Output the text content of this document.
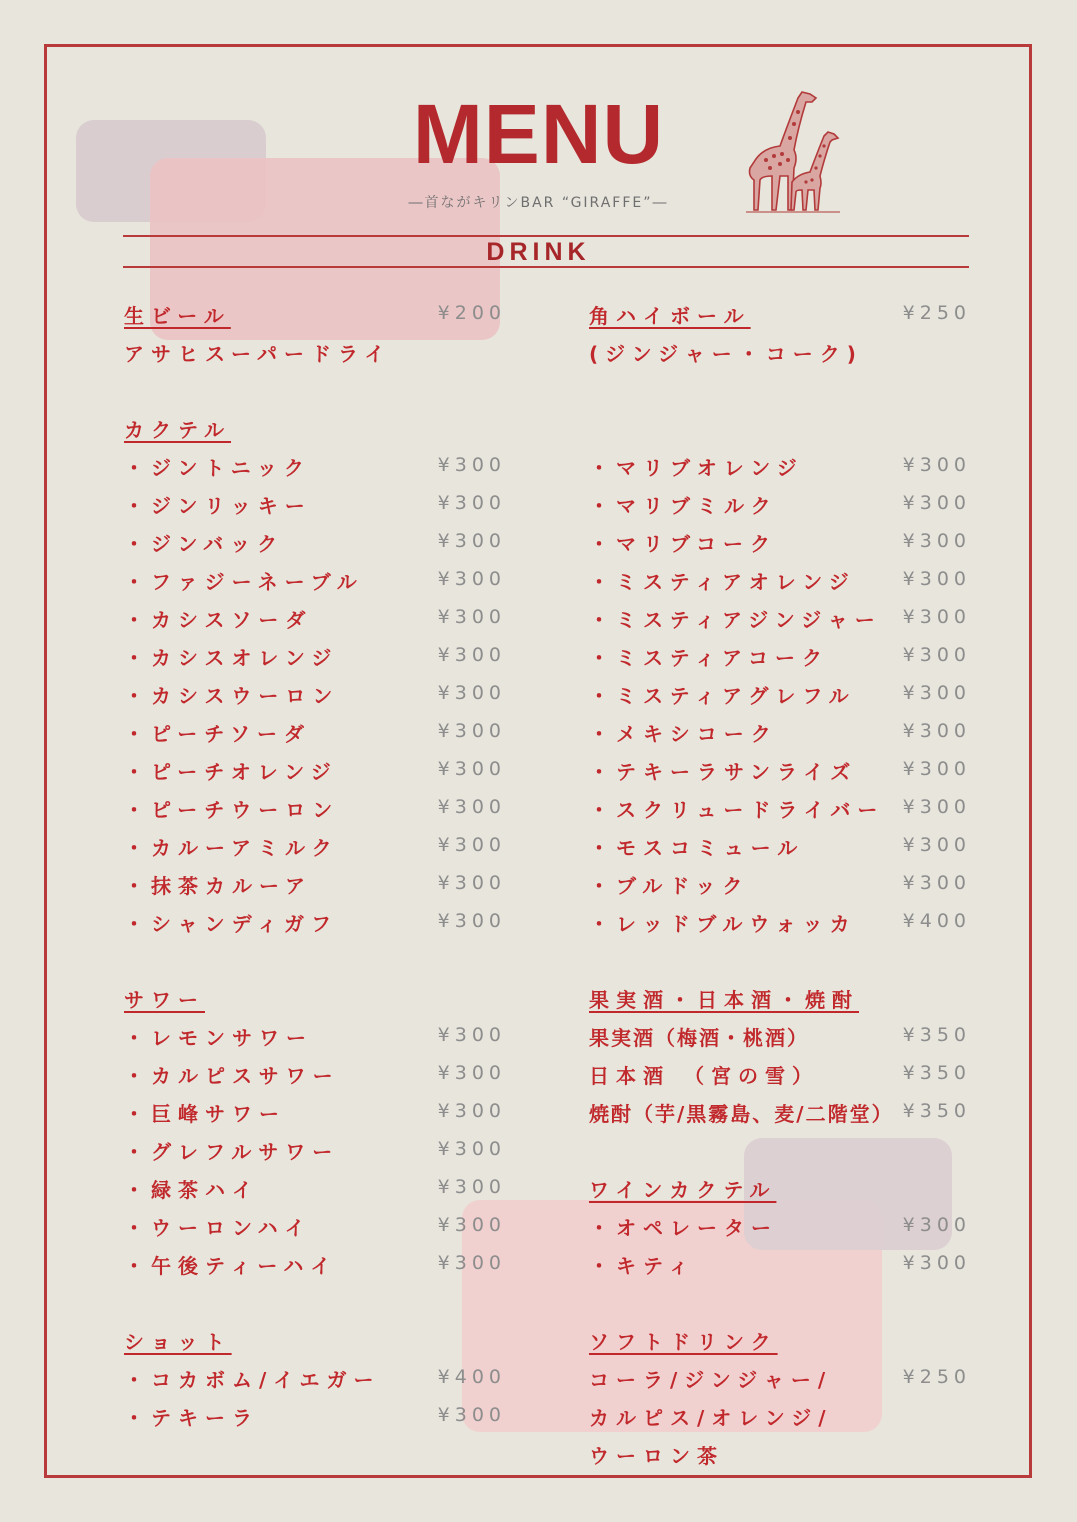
MENU
―首ながキリンBAR “GIRAFFE”―
DRINK
生ビール	¥200
アサヒスーパードライ
カクテル
・ジントニック	¥300
・ジンリッキー	¥300
・ジンバック	¥300
・ファジーネーブル	¥300
・カシスソーダ	¥300
・カシスオレンジ	¥300
・カシスウーロン	¥300
・ピーチソーダ	¥300
・ピーチオレンジ	¥300
・ピーチウーロン	¥300
・カルーアミルク	¥300
・抹茶カルーア	¥300
・シャンディガフ	¥300
サワー
・レモンサワー	¥300
・カルピスサワー	¥300
・巨峰サワー	¥300
・グレフルサワー	¥300
・緑茶ハイ	¥300
・ウーロンハイ	¥300
・午後ティーハイ	¥300
ショット
・コカボム/イエガー	¥400
・テキーラ	¥300
角ハイボール	¥250
(ジンジャー・コーク)
・マリブオレンジ	¥300
・マリブミルク	¥300
・マリブコーク	¥300
・ミスティアオレンジ ¥300
・ミスティアジンジャー ¥300
・ミスティアコーク	¥300
・ミスティアグレフル ¥300
・メキシコーク	¥300
・テキーラサンライズ ¥300
・スクリュードライバー ¥300
・モスコミュール	¥300
・ブルドック	¥300
・レッドブルウォッカ ¥400
果実酒・日本酒・焼酎
果実酒（梅酒・桃酒）	¥350
日本酒 （宮の雪）	¥350
焼酎（芋/黒霧島、麦/二階堂） ¥350
ワインカクテル
・オペレーター	¥300
・キティ	¥300
ソフトドリンク
コーラ/ジンジャー/	¥250
カルピス/オレンジ/
ウーロン茶
